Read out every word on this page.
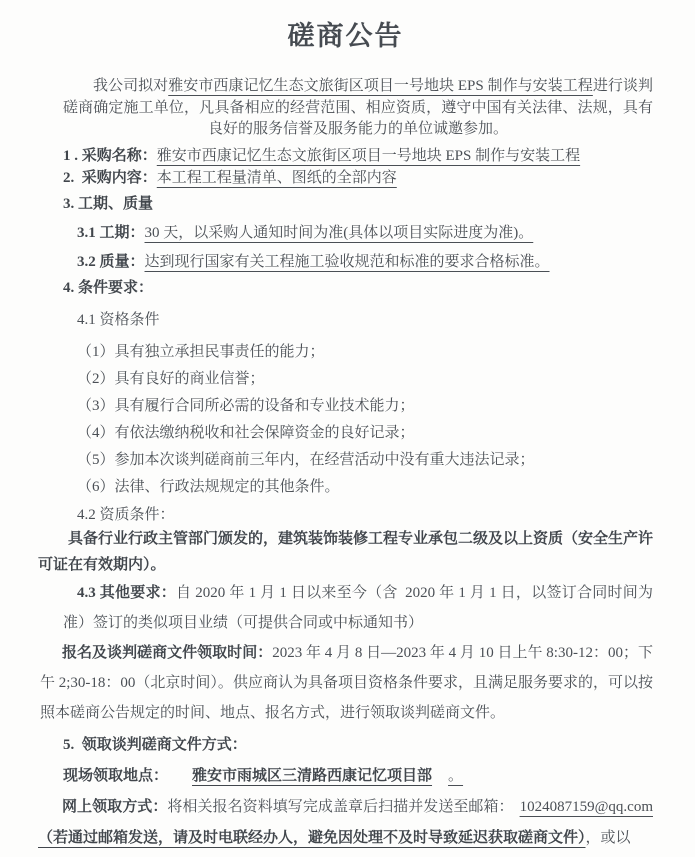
磋商公告

我公司拟对雅安市西康记忆生态文旅街区项目一号地块 EPS 制作与安装工程进行谈判磋商确定施工单位，凡具备相应的经营范围、相应资质，遵守中国有关法律、法规，具有良好的服务信誉及服务能力的单位诚邀参加。

1 . 采购名称：雅安市西康记忆生态文旅街区项目一号地块 EPS 制作与安装工程

2. 采购内容：本工程工程量清单、图纸的全部内容

3. 工期、质量

3.1 工期：30 天，以采购人通知时间为准(具体以项目实际进度为准)。

3.2 质量：达到现行国家有关工程施工验收规范和标准的要求合格标准。

4. 条件要求：

4.1 资格条件

（1）具有独立承担民事责任的能力；

（2）具有良好的商业信誉；

（3）具有履行合同所必需的设备和专业技术能力；

（4）有依法缴纳税收和社会保障资金的良好记录；

（5）参加本次谈判磋商前三年内，在经营活动中没有重大违法记录；

（6）法律、行政法规规定的其他条件。

4.2 资质条件：

具备行业行政主管部门颁发的，建筑装饰装修工程专业承包二级及以上资质（安全生产许可证在有效期内）。

4.3 其他要求：自 2020 年 1 月 1 日以来至今（含 2020 年 1 月 1 日，以签订合同时间为准）签订的类似项目业绩（可提供合同或中标通知书）

报名及谈判磋商文件领取时间：2023 年 4 月 8 日—2023 年 4 月 10 日上午 8:30-12：00；下午 2;30-18：00（北京时间）。供应商认为具备项目资格条件要求，且满足服务要求的，可以按照本磋商公告规定的时间、地点、报名方式，进行领取谈判磋商文件。

5. 领取谈判磋商文件方式：

现场领取地点： 雅安市雨城区三清路西康记忆项目部 。

网上领取方式：将相关报名资料填写完成盖章后扫描并发送至邮箱： 1024087159@qq.com（若通过邮箱发送，请及时电联经办人，避免因处理不及时导致延迟获取磋商文件），或以
